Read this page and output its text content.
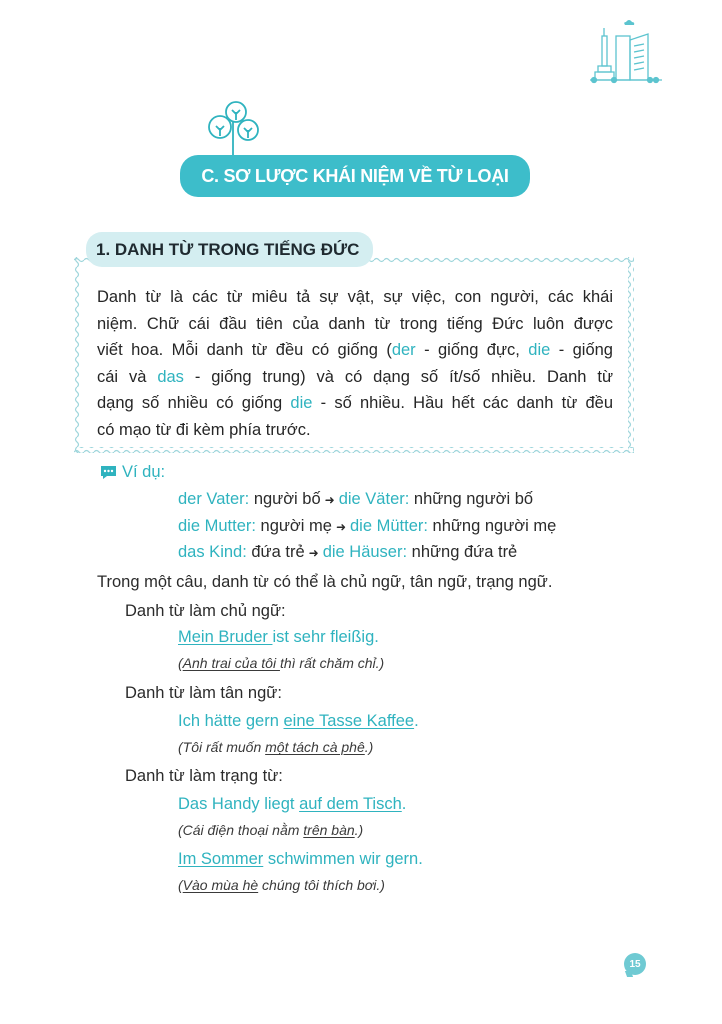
C. SƠ LƯỢC KHÁI NIỆM VỀ TỪ LOẠI
1. DANH TỪ TRONG TIẾNG ĐỨC
Danh từ là các từ miêu tả sự vật, sự việc, con người, các khái
niệm. Chữ cái đầu tiên của danh từ trong tiếng Đức luôn được
viết hoa. Mỗi danh từ đều có giống (der - giống đực, die - giống
cái và das - giống trung) và có dạng số ít/số nhiều. Danh từ
dạng số nhiều có giống die - số nhiều. Hầu hết các danh từ đều
có mạo từ đi kèm phía trước.
Ví dụ:
der Vater: người bố ➜ die Väter: những người bố
die Mutter: người mẹ ➜ die Mütter: những người mẹ
das Kind: đứa trẻ ➜ die Häuser: những đứa trẻ
Trong một câu, danh từ có thể là chủ ngữ, tân ngữ, trạng ngữ.
Danh từ làm chủ ngữ:
Mein Bruder ist sehr fleißig.
(Anh trai của tôi thì rất chăm chỉ.)
Danh từ làm tân ngữ:
Ich hätte gern eine Tasse Kaffee.
(Tôi rất muốn một tách cà phê.)
Danh từ làm trạng từ:
Das Handy liegt auf dem Tisch.
(Cái điện thoại nằm trên bàn.)
Im Sommer schwimmen wir gern.
(Vào mùa hè chúng tôi thích bơi.)
15
